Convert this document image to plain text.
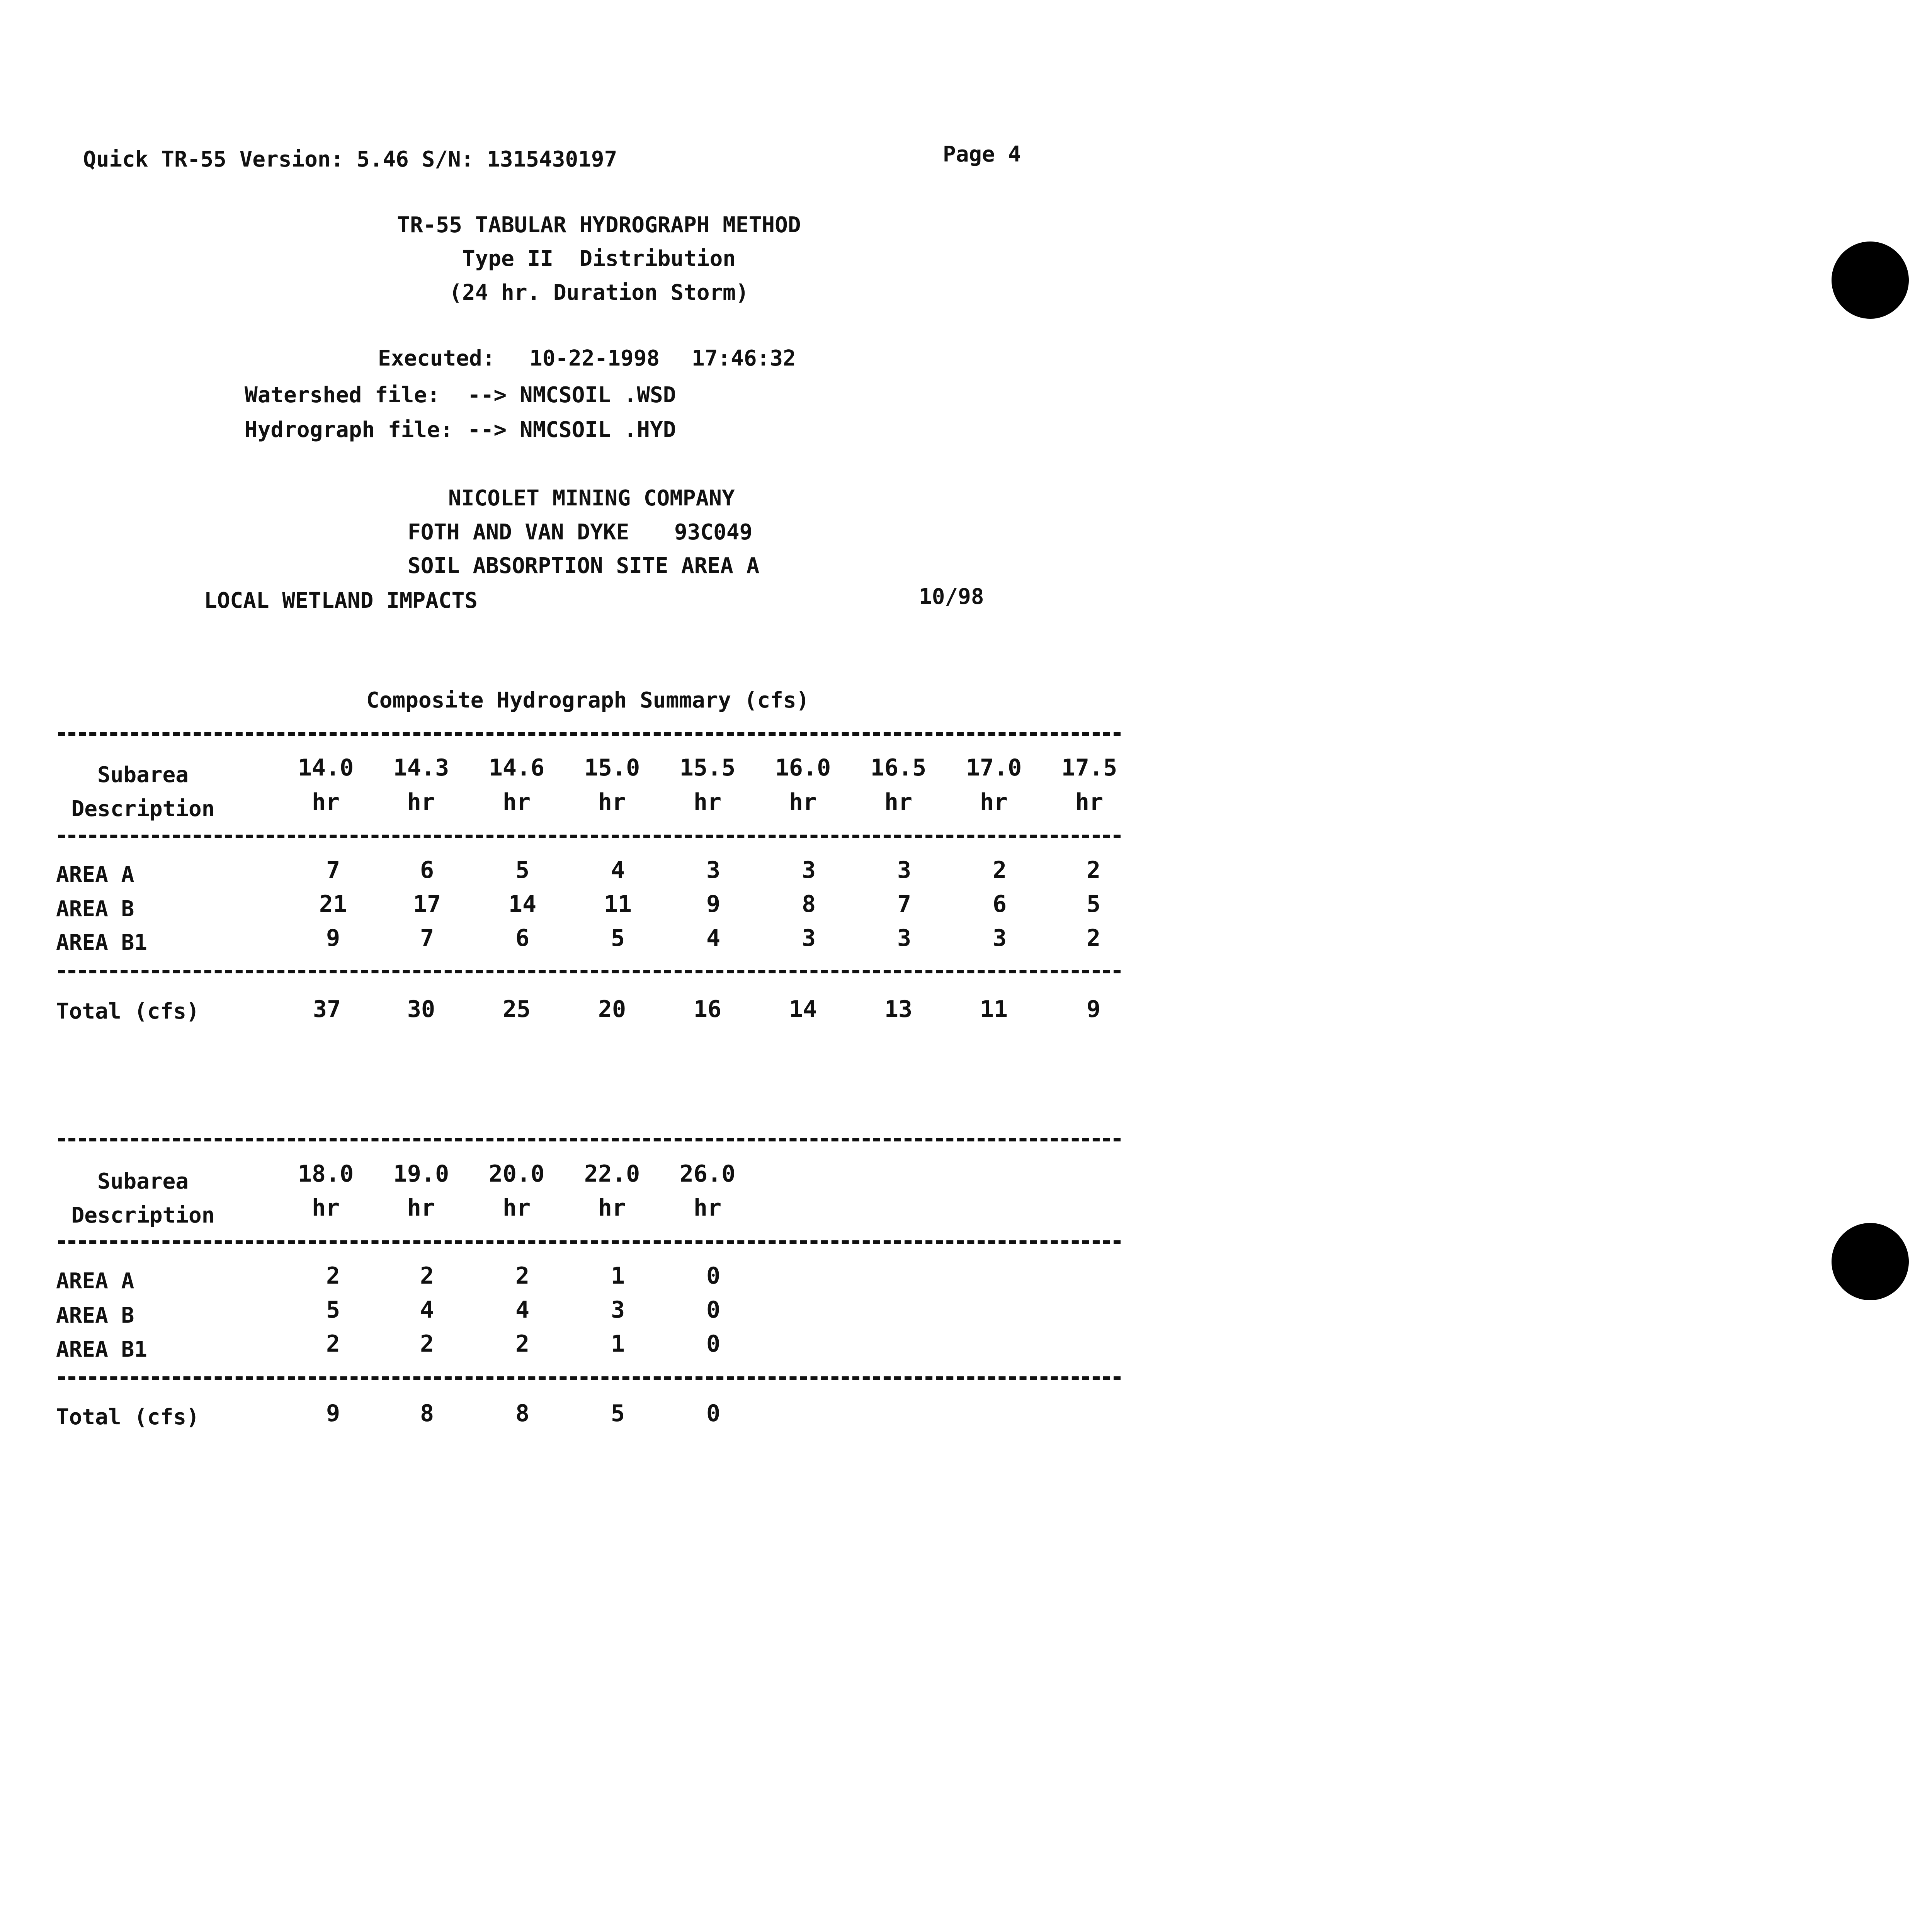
Quick TR-55 Version: 5.46 S/N: 1315430197	Page 4
TR-55 TABULAR HYDROGRAPH METHOD
Type II  Distribution
(24 hr. Duration Storm)
Executed: 10-22-1998 17:46:32
Watershed file: --> NMCSOIL .WSD
Hydrograph file: --> NMCSOIL .HYD
NICOLET MINING COMPANY
FOTH AND VAN DYKE 93C049
SOIL ABSORPTION SITE AREA A
LOCAL WETLAND IMPACTS	10/98
Composite Hydrograph Summary (cfs)
Subarea
Description
14.0	14.3	14.6	15.0	15.5	16.0	16.5	17.0	17.5
hr	hr	hr	hr	hr	hr	hr	hr	hr
AREA A	7	6	5	4	3	3	3	2	2
AREA B	21	17	14	11	9	8	7	6	5
AREA B1	9	7	6	5	4	3	3	3	2
Total (cfs)	37	30	25	20	16	14	13	11	9
Subarea
Description
18.0	19.0	20.0	22.0	26.0
hr	hr	hr	hr	hr
AREA A	2	2	2	1	0
AREA B	5	4	4	3	0
AREA B1	2	2	2	1	0
Total (cfs)	9	8	8	5	0
